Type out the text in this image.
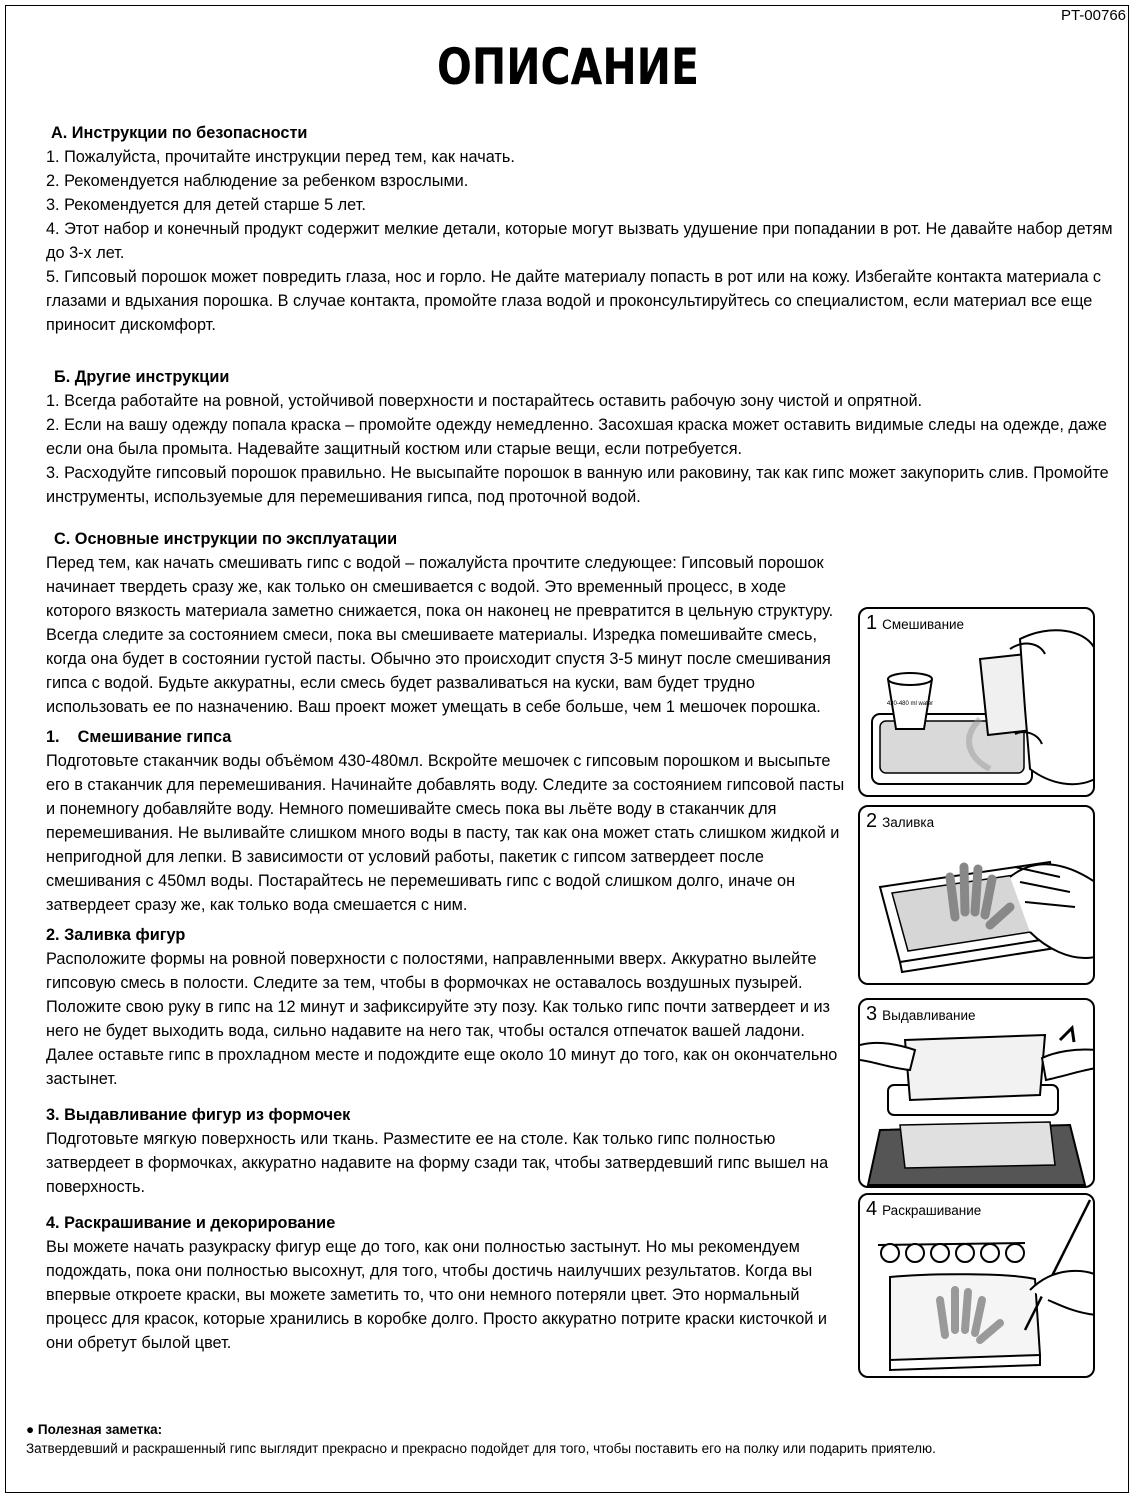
PT-00766
ОПИСАНИЕ

А. Инструкции по безопасности

1. Пожалуйста, прочитайте инструкции перед тем, как начать.

2. Рекомендуется наблюдение за ребенком взрослыми.

3. Рекомендуется для детей старше 5 лет.

4. Этот набор и конечный продукт содержит мелкие детали, которые могут вызвать удушение при попадании в рот. Не давайте набор детям до 3-х лет.

5. Гипсовый порошок может повредить глаза, нос и горло. Не дайте материалу попасть в рот или на кожу. Избегайте контакта материала с глазами и вдыхания порошка. В случае контакта, промойте глаза водой и проконсультируйтесь со специалистом, если материал все еще приносит дискомфорт.

Б. Другие инструкции

1. Всегда работайте на ровной, устойчивой поверхности и постарайтесь оставить рабочую зону чистой и опрятной.

2. Если на вашу одежду попала краска – промойте одежду немедленно. Засохшая краска может оставить видимые следы на одежде, даже если она была промыта. Надевайте защитный костюм или старые вещи, если потребуется.

3. Расходуйте гипсовый порошок правильно. Не высыпайте порошок в ванную или раковину, так как гипс может закупорить слив. Промойте инструменты, используемые для перемешивания гипса, под проточной водой.

С. Основные инструкции по эксплуатации

Перед тем, как начать смешивать гипс с водой – пожалуйста прочтите следующее: Гипсовый порошок начинает твердеть сразу же, как только он смешивается с водой. Это временный процесс, в ходе которого вязкость материала заметно снижается, пока он наконец не превратится в цельную структуру. Всегда следите за состоянием смеси, пока вы смешиваете материалы. Изредка помешивайте смесь, когда она будет в состоянии густой пасты. Обычно это происходит спустя 3-5 минут после смешивания гипса с водой. Будьте аккуратны, если смесь будет разваливаться на куски, вам будет трудно использовать ее по назначению. Ваш проект может умещать в себе больше, чем 1 мешочек порошка.

1.    Смешивание гипса

Подготовьте стаканчик воды объёмом 430-480мл. Вскройте мешочек с гипсовым порошком и высыпьте его в стаканчик для перемешивания. Начинайте добавлять воду. Следите за состоянием гипсовой пасты и понемногу добавляйте воду. Немного помешивайте смесь пока вы льёте воду в стаканчик для перемешивания. Не выливайте слишком много воды в пасту, так как она может стать слишком жидкой и непригодной для лепки. В зависимости от условий работы, пакетик с гипсом затвердеет после смешивания с 450мл воды. Постарайтесь не перемешивать гипс с водой слишком долго, иначе он затвердеет сразу же, как только вода смешается с ним.

2. Заливка фигур

Расположите формы на ровной поверхности с полостями, направленными вверх. Аккуратно вылейте гипсовую смесь в полости. Следите за тем, чтобы в формочках не оставалось воздушных пузырей. Положите свою руку в гипс на 12 минут и зафиксируйте эту позу. Как только гипс почти затвердеет и из него не будет выходить вода, сильно надавите на него так, чтобы остался отпечаток вашей ладони. Далее оставьте гипс в прохладном месте и подождите еще около 10 минут до того, как он окончательно застынет.

3. Выдавливание фигур из формочек

Подготовьте мягкую поверхность или ткань. Разместите ее на столе. Как только гипс полностью затвердеет в формочках, аккуратно надавите на форму сзади так, чтобы затвердевший гипс вышел на поверхность.

4. Раскрашивание и декорирование

Вы можете начать разукраску фигур еще до того, как они полностью застынут. Но мы рекомендуем подождать, пока они полностью высохнут, для того, чтобы достичь наилучших результатов. Когда вы впервые откроете краски, вы можете заметить то, что они немного потеряли цвет. Это нормальный процесс для красок, которые хранились в коробке долго. Просто аккуратно потрите краски кисточкой и они обретут былой цвет.

430-480 ml water
1 Смешивание
2 Заливка
3 Выдавливание
4 Раскрашивание

● Полезная заметка:

Затвердевший и раскрашенный гипс выглядит прекрасно и прекрасно подойдет для того, чтобы поставить его на полку или подарить приятелю.
